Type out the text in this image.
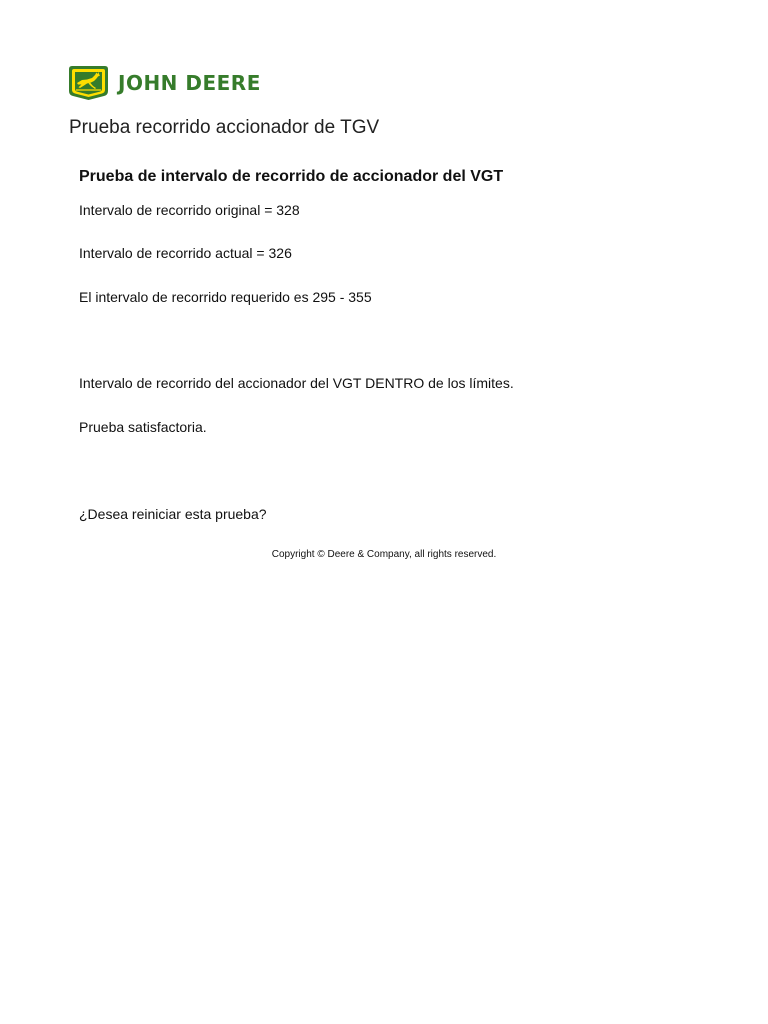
JOHN DEERE
Prueba recorrido accionador de TGV
Prueba de intervalo de recorrido de accionador del VGT

Intervalo de recorrido original = 328

Intervalo de recorrido actual = 326

El intervalo de recorrido requerido es 295 - 355

Intervalo de recorrido del accionador del VGT DENTRO de los límites.

Prueba satisfactoria.

¿Desea reiniciar esta prueba?

Copyright © Deere & Company, all rights reserved.
